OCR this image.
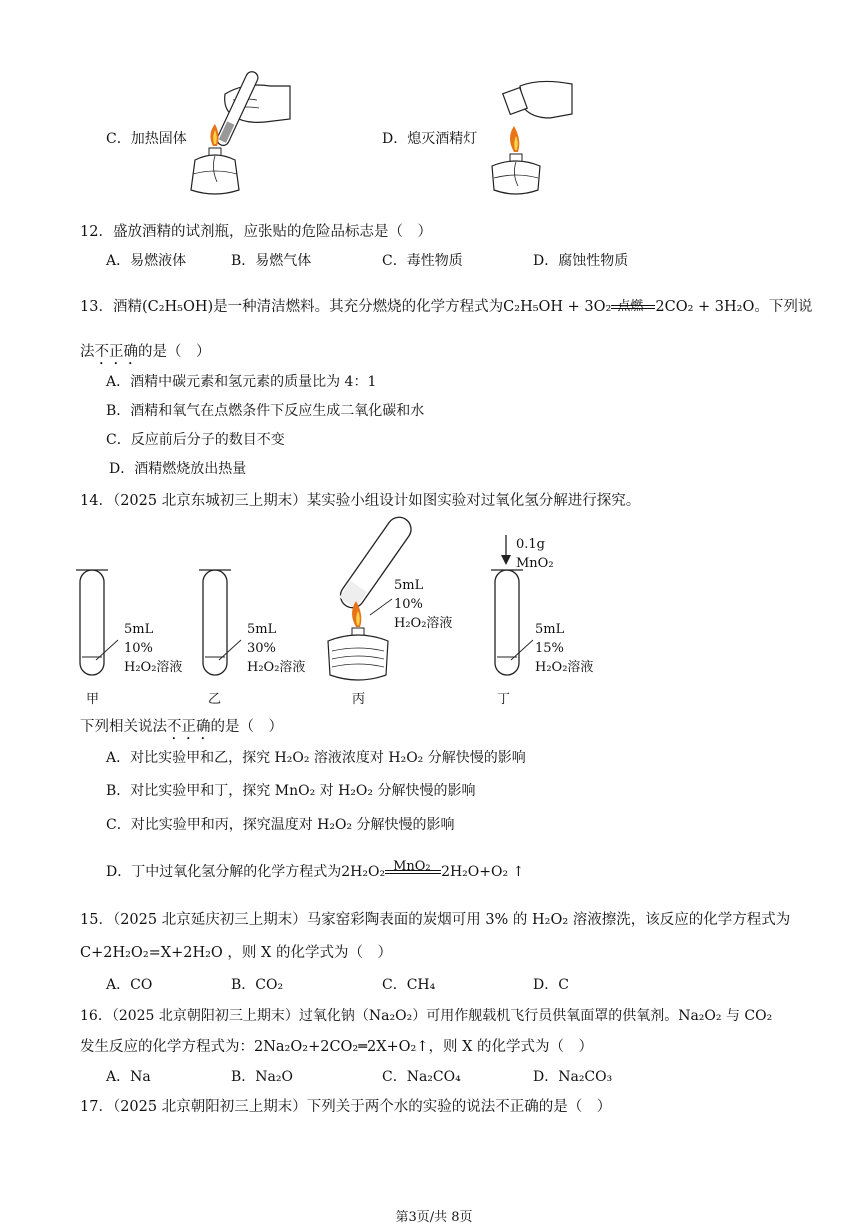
C．加热固体	D．熄灭酒精灯
12．盛放酒精的试剂瓶，应张贴的危险品标志是（　）
A．易燃液体	B．易燃气体	C．毒性物质	D．腐蚀性物质
13．酒精(C₂H₅OH)是一种清洁燃料。其充分燃烧的化学方程式为C₂H₅OH + 3O₂ 点燃 2CO₂ + 3H₂O。下列说
法不正确的是（　）
A．酒精中碳元素和氢元素的质量比为 4：1
B．酒精和氧气在点燃条件下反应生成二氧化碳和水
C．反应前后分子的数目不变
D．酒精燃烧放出热量
14．（2025 北京东城初三上期末）某实验小组设计如图实验对过氧化氢分解进行探究。
5mL
10%
H₂O₂溶液
5mL
30%
H₂O₂溶液
5mL
10%
H₂O₂溶液	5mL
15%
H₂O₂溶液
0.1g
MnO₂
甲	乙	丙	丁
下列相关说法不正确的是（　）
A．对比实验甲和乙，探究 H₂O₂ 溶液浓度对 H₂O₂ 分解快慢的影响
B．对比实验甲和丁，探究 MnO₂ 对 H₂O₂ 分解快慢的影响
C．对比实验甲和丙，探究温度对 H₂O₂ 分解快慢的影响
D．丁中过氧化氢分解的化学方程式为2H₂O₂ MnO₂ 2H₂O+O₂ ↑
15．（2025 北京延庆初三上期末）马家窑彩陶表面的炭烟可用 3% 的 H₂O₂ 溶液擦洗，该反应的化学方程式为
C+2H₂O₂=X+2H₂O ，则 X 的化学式为（　）
A．CO	B．CO₂	C．CH₄	D．C
16．（2025 北京朝阳初三上期末）过氧化钠（Na₂O₂）可用作舰载机飞行员供氧面罩的供氧剂。Na₂O₂ 与 CO₂
发生反应的化学方程式为：2Na₂O₂+2CO₂═2X+O₂↑，则 X 的化学式为（　）
A．Na	B．Na₂O	C．Na₂CO₄	D．Na₂CO₃
17．（2025 北京朝阳初三上期末）下列关于两个水的实验的说法不正确的是（　）
第3页/共 8页
